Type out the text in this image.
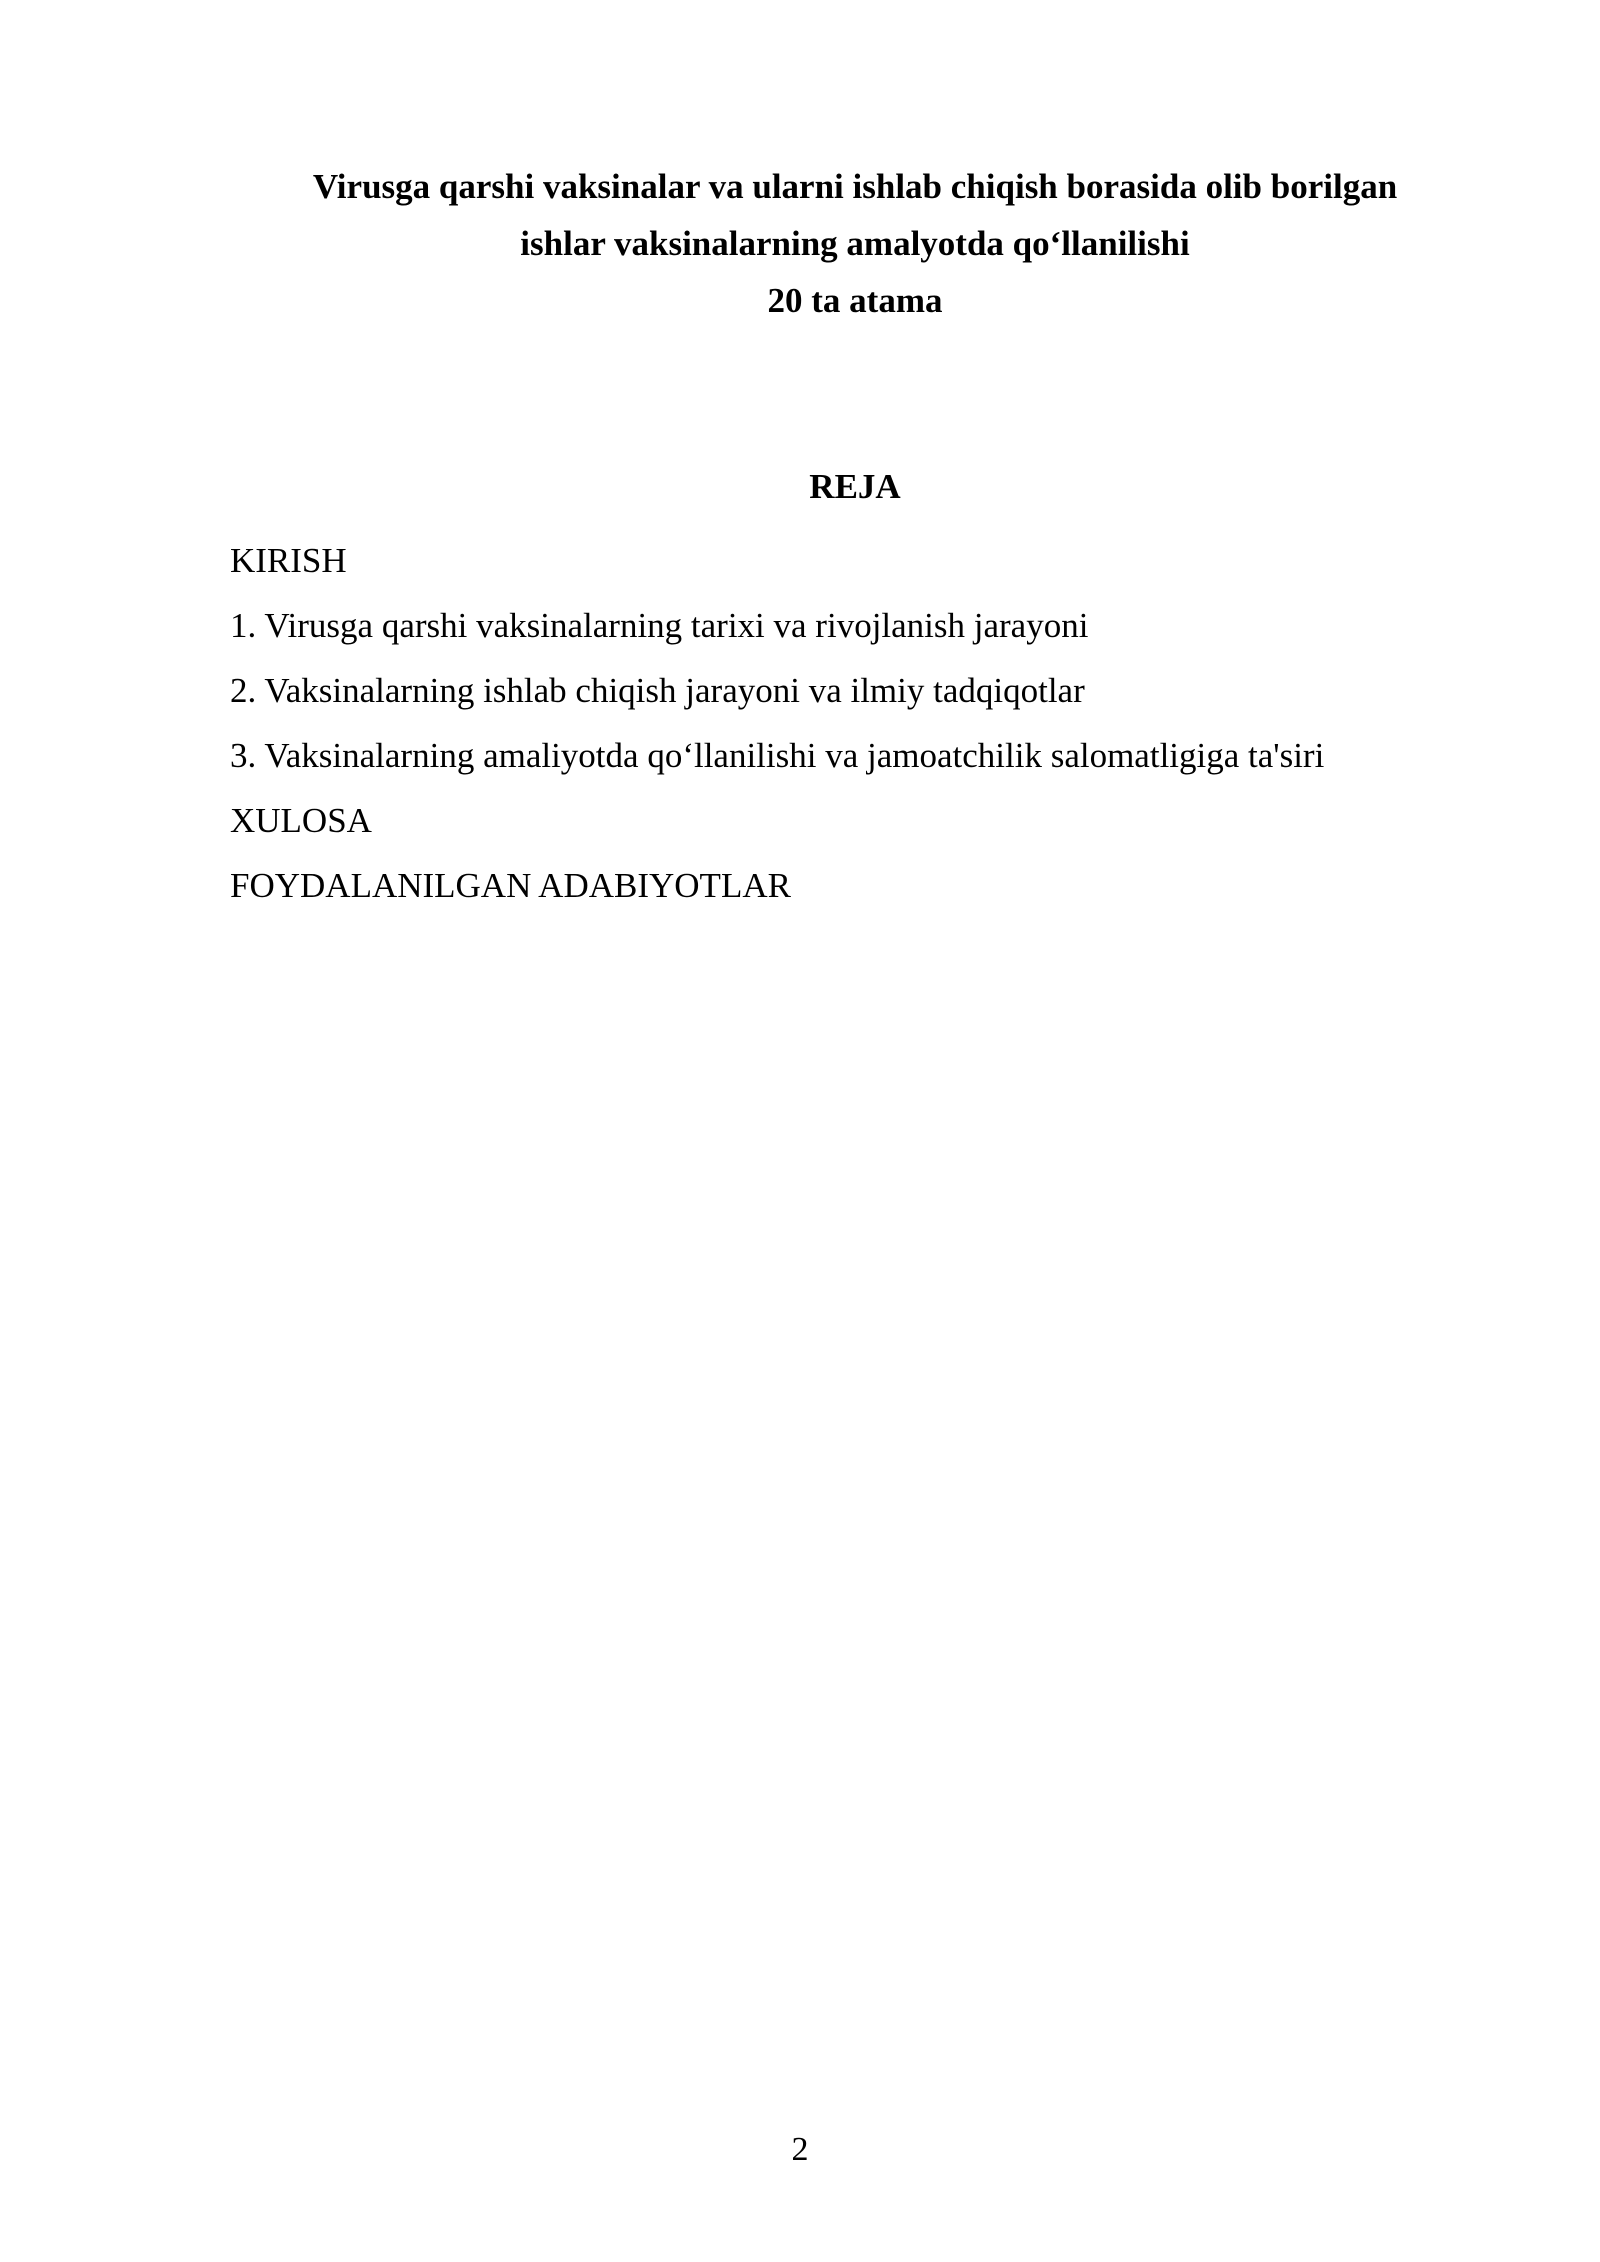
Virusga qarshi vaksinalar va ularni ishlab chiqish borasida olib borilgan
ishlar vaksinalarning amalyotda qo‘llanilishi
20 ta atama
REJA
KIRISH
1. Virusga qarshi vaksinalarning tarixi va rivojlanish jarayoni
2. Vaksinalarning ishlab chiqish jarayoni va ilmiy tadqiqotlar
3. Vaksinalarning amaliyotda qo‘llanilishi va jamoatchilik salomatligiga ta'siri
XULOSA
FOYDALANILGAN ADABIYOTLAR
2
